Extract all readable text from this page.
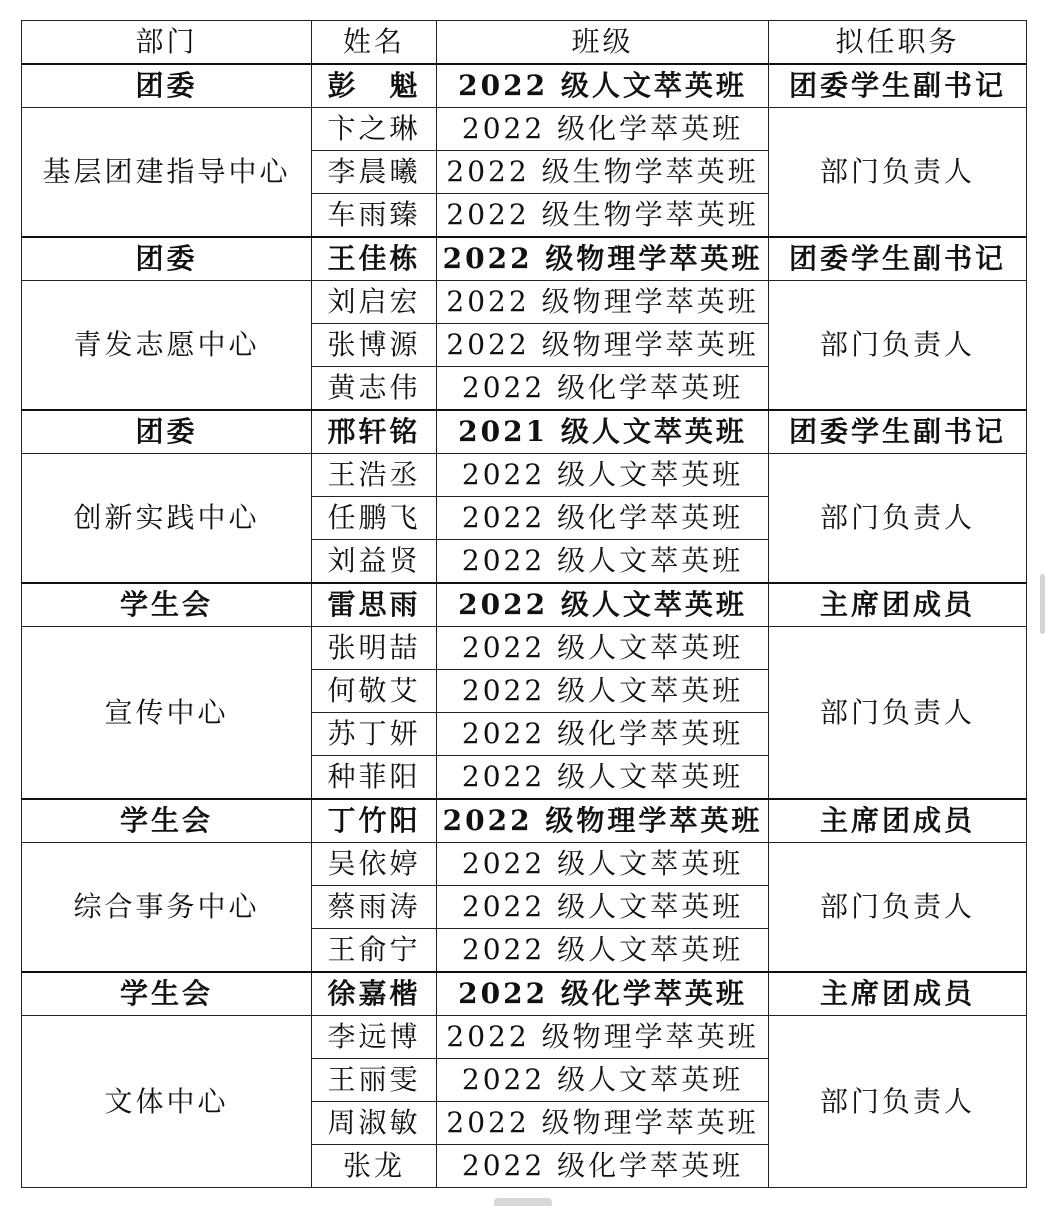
部门	姓名	班级	拟任职务
团委	彭　魁	2022 级人文萃英班	团委学生副书记
基层团建指导中心	卞之琳	2022 级化学萃英班	部门负责人
	李晨曦	2022 级生物学萃英班	
	车雨臻	2022 级生物学萃英班	
团委	王佳栋	2022 级物理学萃英班	团委学生副书记
青发志愿中心	刘启宏	2022 级物理学萃英班	部门负责人
	张博源	2022 级物理学萃英班	
	黄志伟	2022 级化学萃英班	
团委	邢轩铭	2021 级人文萃英班	团委学生副书记
创新实践中心	王浩丞	2022 级人文萃英班	部门负责人
	任鹏飞	2022 级化学萃英班	
	刘益贤	2022 级人文萃英班	
学生会	雷思雨	2022 级人文萃英班	主席团成员
宣传中心	张明喆	2022 级人文萃英班	部门负责人
	何敬艾	2022 级人文萃英班	
	苏丁妍	2022 级化学萃英班	
	种菲阳	2022 级人文萃英班	
学生会	丁竹阳	2022 级物理学萃英班	主席团成员
综合事务中心	吴依婷	2022 级人文萃英班	部门负责人
	蔡雨涛	2022 级人文萃英班	
	王俞宁	2022 级人文萃英班	
学生会	徐嘉楷	2022 级化学萃英班	主席团成员
文体中心	李远博	2022 级物理学萃英班	部门负责人
	王丽雯	2022 级人文萃英班	
	周淑敏	2022 级物理学萃英班	
	张龙	2022 级化学萃英班	
